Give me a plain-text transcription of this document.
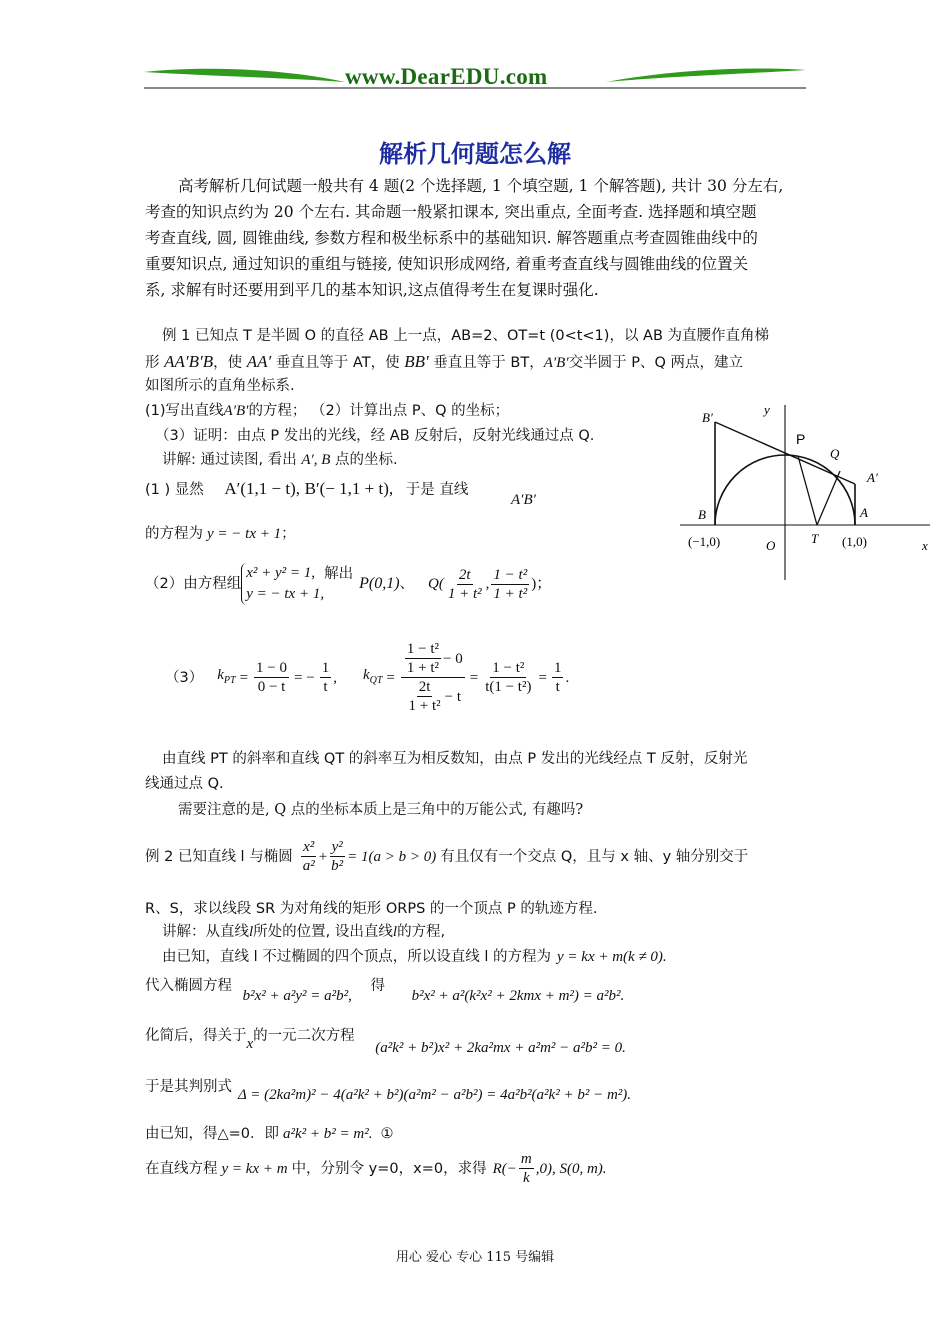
www.DearEDU.com
解析几何题怎么解
高考解析几何试题一般共有 4 题(2 个选择题, 1 个填空题, 1 个解答题), 共计 30 分左右,
考查的知识点约为 20 个左右. 其命题一般紧扣课本, 突出重点, 全面考查. 选择题和填空题
考查直线, 圆, 圆锥曲线, 参数方程和极坐标系中的基础知识. 解答题重点考查圆锥曲线中的
重要知识点, 通过知识的重组与链接, 使知识形成网络, 着重考查直线与圆锥曲线的位置关
系, 求解有时还要用到平几的基本知识,这点值得考生在复课时强化.
例 1 已知点 T 是半圆 O 的直径 AB 上一点，AB=2、OT=t (0<t<1)，以 AB 为直腰作直角梯
形 AA′B′B，使 AA′ 垂直且等于 AT，使 BB′ 垂直且等于 BT，A′B′交半圆于 P、Q 两点，建立
如图所示的直角坐标系.
(1)写出直线A′B′的方程； （2）计算出点 P、Q 的坐标；
（3）证明：由点 P 发出的光线，经 AB 反射后，反射光线通过点 Q.
讲解: 通过读图, 看出 A′, B 点的坐标.
(1 ) 显然 A′(1,1 − t), B′(− 1,1 + t), 于是 直线
A′B′
的方程为 y = − tx + 1；
（2）由方程组
x² + y² = 1,
y = − tx + 1,
解出
P(0,1) 、 $Q( \frac{2t}{\text{1 + t²}}$ , $\frac{\text{1 − t²}}{\text{1 + t²}}$ )；
（3） $k_{PT} = \frac{1 - 0}{0 - t}$ = − $\frac{1}{t}$ , $k_{QT} = \frac{\frac{\text{1 − t²}}{\text{1 + t²}} - 0}{\frac{2t}{\text{1 + t²}} - t} = \frac{\text{1 − t²}}{\text{t(1 − t²)}} = \frac{1}{t}$ .
由直线 PT 的斜率和直线 QT 的斜率互为相反数知，由点 P 发出的光线经点 T 反射，反射光
线通过点 Q.
需要注意的是, Q 点的坐标本质上是三角中的万能公式, 有趣吗?
例 2 已知直线 l 与椭圆 $\frac{\text{x²}}{\text{a²}} + \frac{\text{y²}}{\text{b²}} = 1(a > b > 0)$ 有且仅有一个交点 Q，且与 x 轴、y 轴分别交于
R、S，求以线段 SR 为对角线的矩形 ORPS 的一个顶点 P 的轨迹方程.
讲解：从直线l所处的位置, 设出直线l的方程,
由已知，直线 l 不过椭圆的四个顶点，所以设直线 l 的方程为 y = kx + m(k ≠ 0).
代入椭圆方程 b²x² + a²y² = a²b², 得 b²x² + a²(k²x² + 2kmx + m²) = a²b².
化简后，得关于x的一元二次方程 (a²k² + b²)x² + 2ka²mx + a²m² − a²b² = 0.
于是其判别式 Δ = (2ka²m)² − 4(a²k² + b²)(a²m² − a²b²) = 4a²b²(a²k² + b² − m²).
由已知，得△=0．即 a²k² + b² = m². ①
在直线方程 y = kx + m 中，分别令 y=0，x=0，求得 $R(- \frac{m}{k} ,0)$, S(0, m).
B′
y
P
Q
A′
B	A
(−1,0)	O	T (1,0)	x
用心 爱心 专心 115 号编辑
